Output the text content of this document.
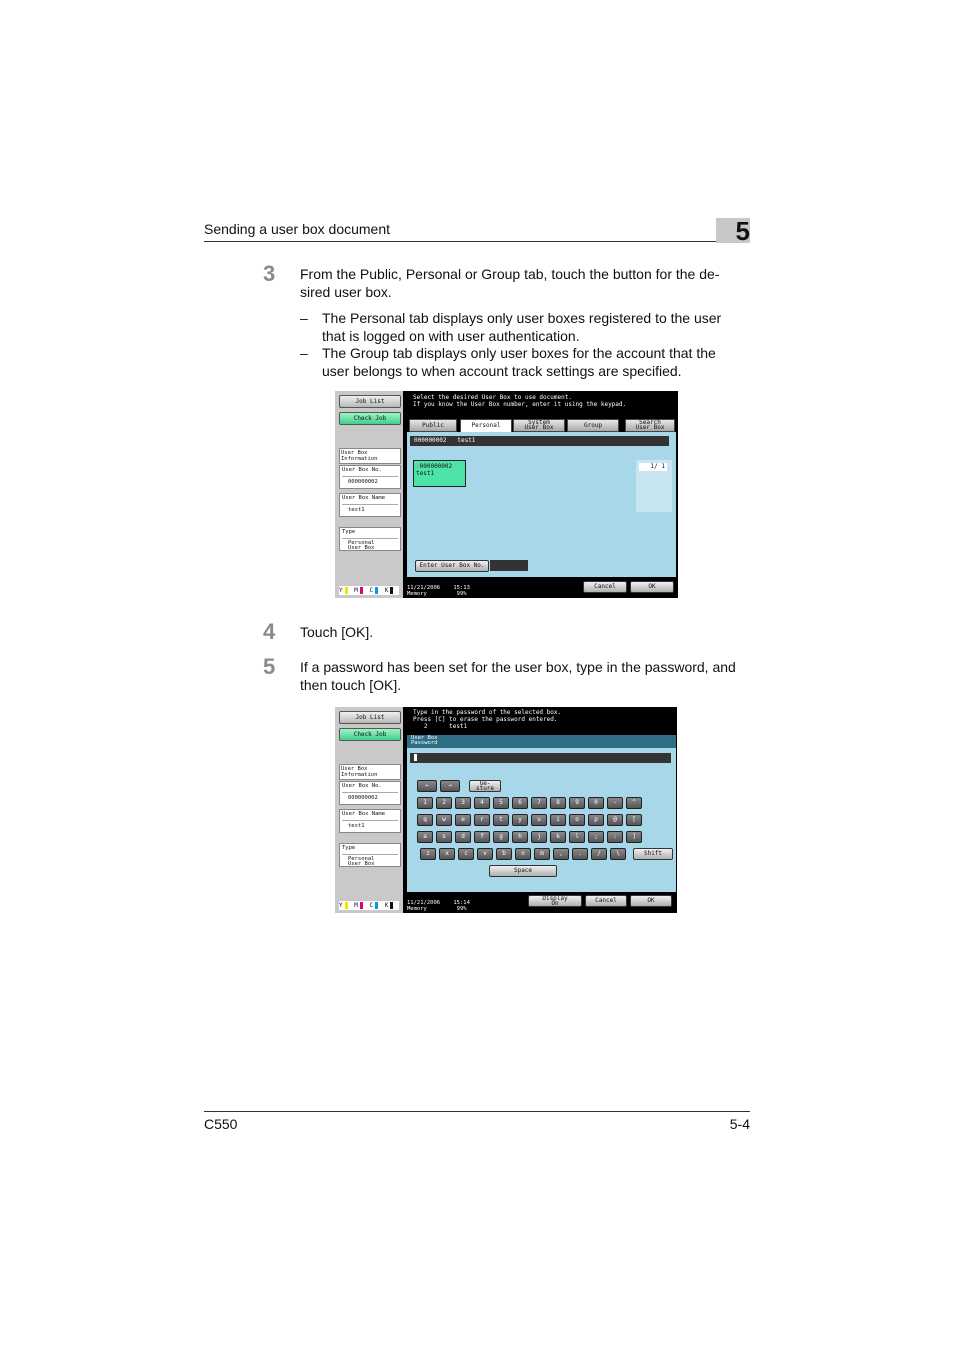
Sending a user box document	5
3 From the Public, Personal or Group tab, touch the button for the de-
sired user box.
– The Personal tab displays only user boxes registered to the user
that is logged on with user authentication.
– The Group tab displays only user boxes for the account that the
user belongs to when account track settings are specified.
Job List
Check Job
User Box
Information
User Box No.
000000002
User Box Name
test1
Type
Personal
User Box
Y M C K
Select the desired User Box to use document.
If you know the User Box number, enter it using the keypad.
Public	Personal	System
User Box	Group	Search
User Box
000000002 test1
⚠000000002
test1
1/ 1
Enter User Box No.
11/21/2006    15:13
Memory         99%
Cancel	OK
4 Touch [OK].
5 If a password has been set for the user box, type in the password, and
then touch [OK].
Job List
Check Job
User Box
Information
User Box No.
000000002
User Box Name
test1
Type
Personal
User Box
Y M C K
Type in the password of the selected box.
Press [C] to erase the password entered.
2      test1
User Box
Password
←	→	Ge-
sture
1	2	3	4	5	6	7	8	9	0	-	^
q	w	e	r	t	y	u	i	o	p	@	[
a	s	d	f	g	h	j	k	l	;	:	]
z	x	c	v	b	n	m	,	.	/	\	Shift
Space
11/21/2006    15:14
Memory         99%
Display
On	Cancel	OK
C550	5-4
